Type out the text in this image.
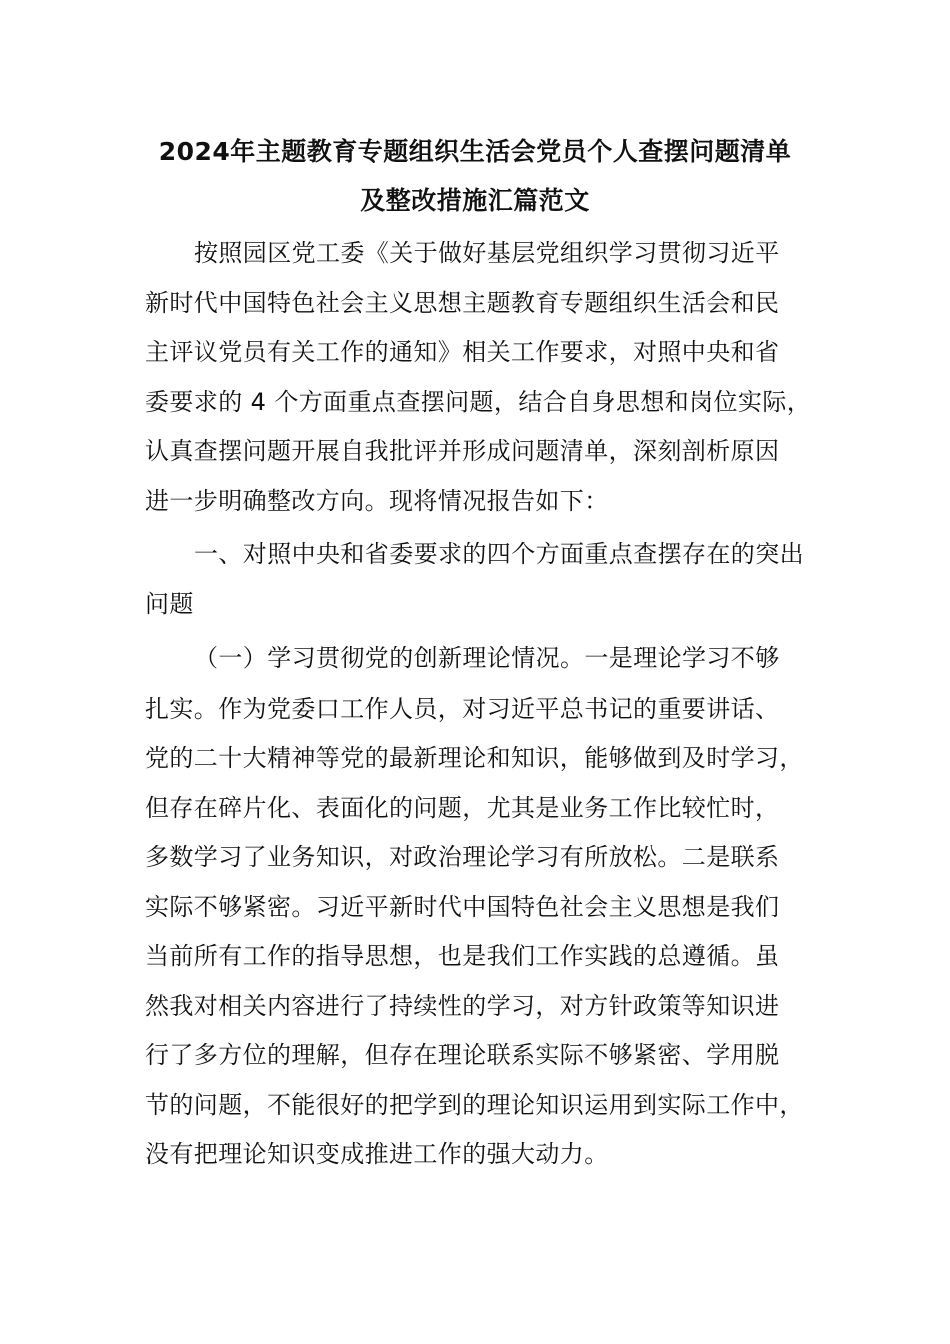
2024年主题教育专题组织生活会党员个人查摆问题清单
及整改措施汇篇范文
按照园区党工委《关于做好基层党组织学习贯彻习近平
新时代中国特色社会主义思想主题教育专题组织生活会和民
主评议党员有关工作的通知》相关工作要求，对照中央和省
委要求的 4 个方面重点查摆问题，结合自身思想和岗位实际，
认真查摆问题开展自我批评并形成问题清单，深刻剖析原因
进一步明确整改方向。现将情况报告如下：
一、对照中央和省委要求的四个方面重点查摆存在的突出
问题
（一）学习贯彻党的创新理论情况。一是理论学习不够
扎实。作为党委口工作人员，对习近平总书记的重要讲话、
党的二十大精神等党的最新理论和知识，能够做到及时学习，
但存在碎片化、表面化的问题，尤其是业务工作比较忙时，
多数学习了业务知识，对政治理论学习有所放松。二是联系
实际不够紧密。习近平新时代中国特色社会主义思想是我们
当前所有工作的指导思想，也是我们工作实践的总遵循。虽
然我对相关内容进行了持续性的学习，对方针政策等知识进
行了多方位的理解，但存在理论联系实际不够紧密、学用脱
节的问题，不能很好的把学到的理论知识运用到实际工作中，
没有把理论知识变成推进工作的强大动力。
